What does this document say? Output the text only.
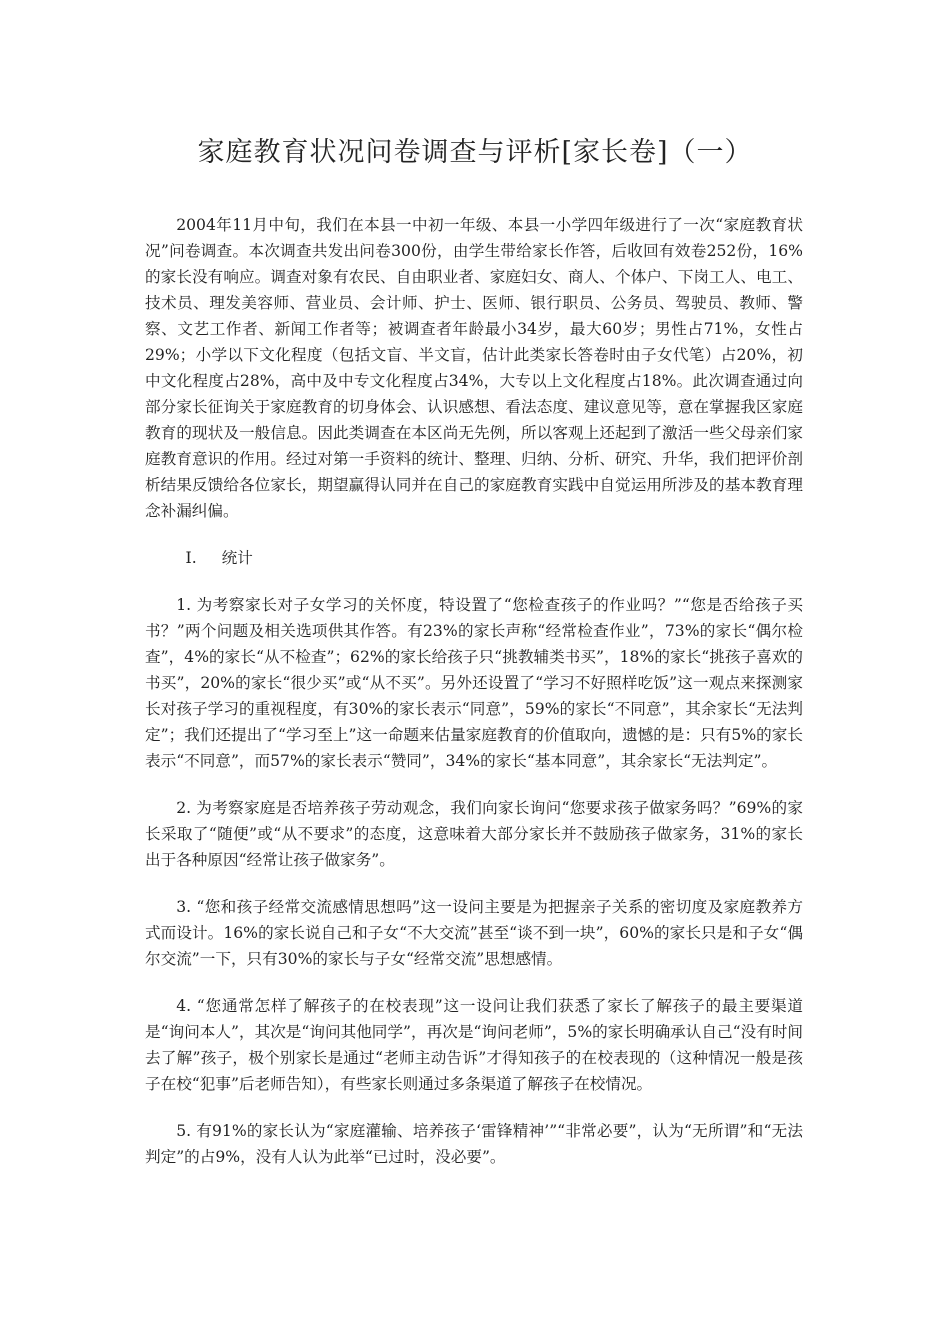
家庭教育状况问卷调查与评析[家长卷]（一）

2004年11月中旬，我们在本县一中初一年级、本县一小学四年级进行了一次“家庭教育状况”问卷调查。本次调查共发出问卷300份，由学生带给家长作答，后收回有效卷252份，16%的家长没有响应。调查对象有农民、自由职业者、家庭妇女、商人、个体户、下岗工人、电工、技术员、理发美容师、营业员、会计师、护士、医师、银行职员、公务员、驾驶员、教师、警察、文艺工作者、新闻工作者等；被调查者年龄最小34岁，最大60岁；男性占71%，女性占29%；小学以下文化程度（包括文盲、半文盲，估计此类家长答卷时由子女代笔）占20%，初中文化程度占28%，高中及中专文化程度占34%，大专以上文化程度占18%。此次调查通过向部分家长征询关于家庭教育的切身体会、认识感想、看法态度、建议意见等，意在掌握我区家庭教育的现状及一般信息。因此类调查在本区尚无先例，所以客观上还起到了激活一些父母亲们家庭教育意识的作用。经过对第一手资料的统计、整理、归纳、分析、研究、升华，我们把评价剖析结果反馈给各位家长，期望赢得认同并在自己的家庭教育实践中自觉运用所涉及的基本教育理念补漏纠偏。

I. 统计

1. 为考察家长对子女学习的关怀度，特设置了“您检查孩子的作业吗？”“您是否给孩子买书？”两个问题及相关选项供其作答。有23%的家长声称“经常检查作业”，73%的家长“偶尔检查”，4%的家长“从不检查”；62%的家长给孩子只“挑教辅类书买”，18%的家长“挑孩子喜欢的书买”，20%的家长“很少买”或“从不买”。另外还设置了“学习不好照样吃饭”这一观点来探测家长对孩子学习的重视程度，有30%的家长表示“同意”，59%的家长“不同意”，其余家长“无法判定”；我们还提出了“学习至上”这一命题来估量家庭教育的价值取向，遗憾的是：只有5%的家长表示“不同意”，而57%的家长表示“赞同”，34%的家长“基本同意”，其余家长“无法判定”。

2. 为考察家庭是否培养孩子劳动观念，我们向家长询问“您要求孩子做家务吗？”69%的家长采取了“随便”或“从不要求”的态度，这意味着大部分家长并不鼓励孩子做家务，31%的家长出于各种原因“经常让孩子做家务”。

3. “您和孩子经常交流感情思想吗”这一设问主要是为把握亲子关系的密切度及家庭教养方式而设计。16%的家长说自己和子女“不大交流”甚至“谈不到一块”，60%的家长只是和子女“偶尔交流”一下，只有30%的家长与子女“经常交流”思想感情。

4. “您通常怎样了解孩子的在校表现”这一设问让我们获悉了家长了解孩子的最主要渠道是“询问本人”，其次是“询问其他同学”，再次是“询问老师”，5%的家长明确承认自己“没有时间去了解”孩子，极个别家长是通过“老师主动告诉”才得知孩子的在校表现的（这种情况一般是孩子在校“犯事”后老师告知），有些家长则通过多条渠道了解孩子在校情况。

5. 有91%的家长认为“家庭灌输、培养孩子‘雷锋精神’”“非常必要”，认为“无所谓”和“无法判定”的占9%，没有人认为此举“已过时，没必要”。
